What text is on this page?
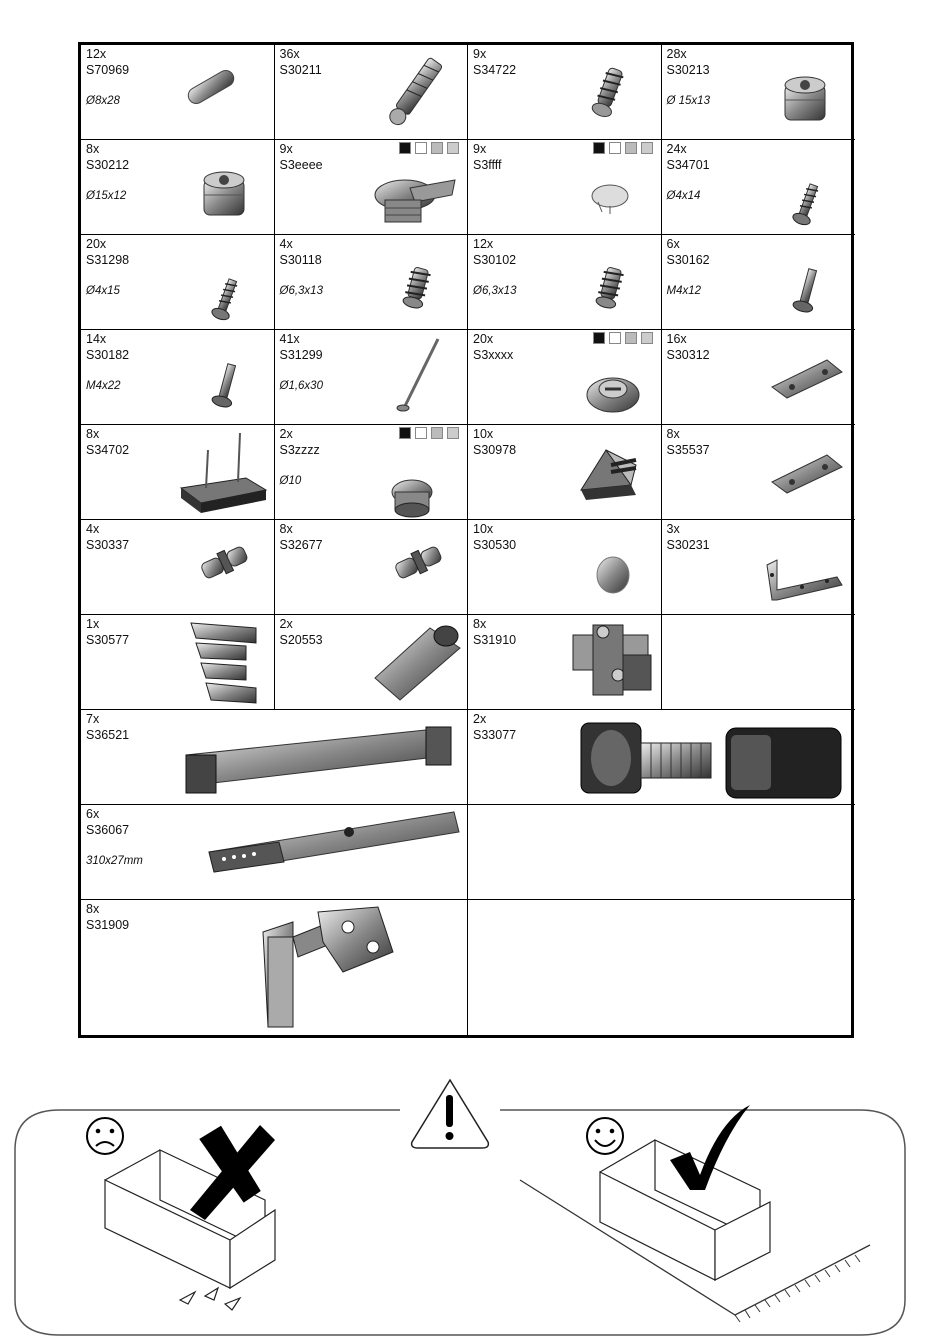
12x
S70969
Ø8x28
36x
S30211
9x
S34722
28x
S30213
Ø 15x13
8x
S30212
Ø15x12
9x
S3eeee
9x
S3ffff
24x
S34701
Ø4x14
20x
S31298
Ø4x15
4x
S30118
Ø6,3x13
12x
S30102
Ø6,3x13
6x
S30162
M4x12
14x
S30182
M4x22
41x
S31299
Ø1,6x30
20x
S3xxxx
16x
S30312
8x
S34702
2x
S3zzzz
Ø10
10x
S30978
8x
S35537
4x
S30337
8x
S32677
10x
S30530
3x
S30231
1x
S30577
2x
S20553
8x
S31910
7x
S36521
2x
S33077
6x
S36067
310x27mm
8x
S31909
